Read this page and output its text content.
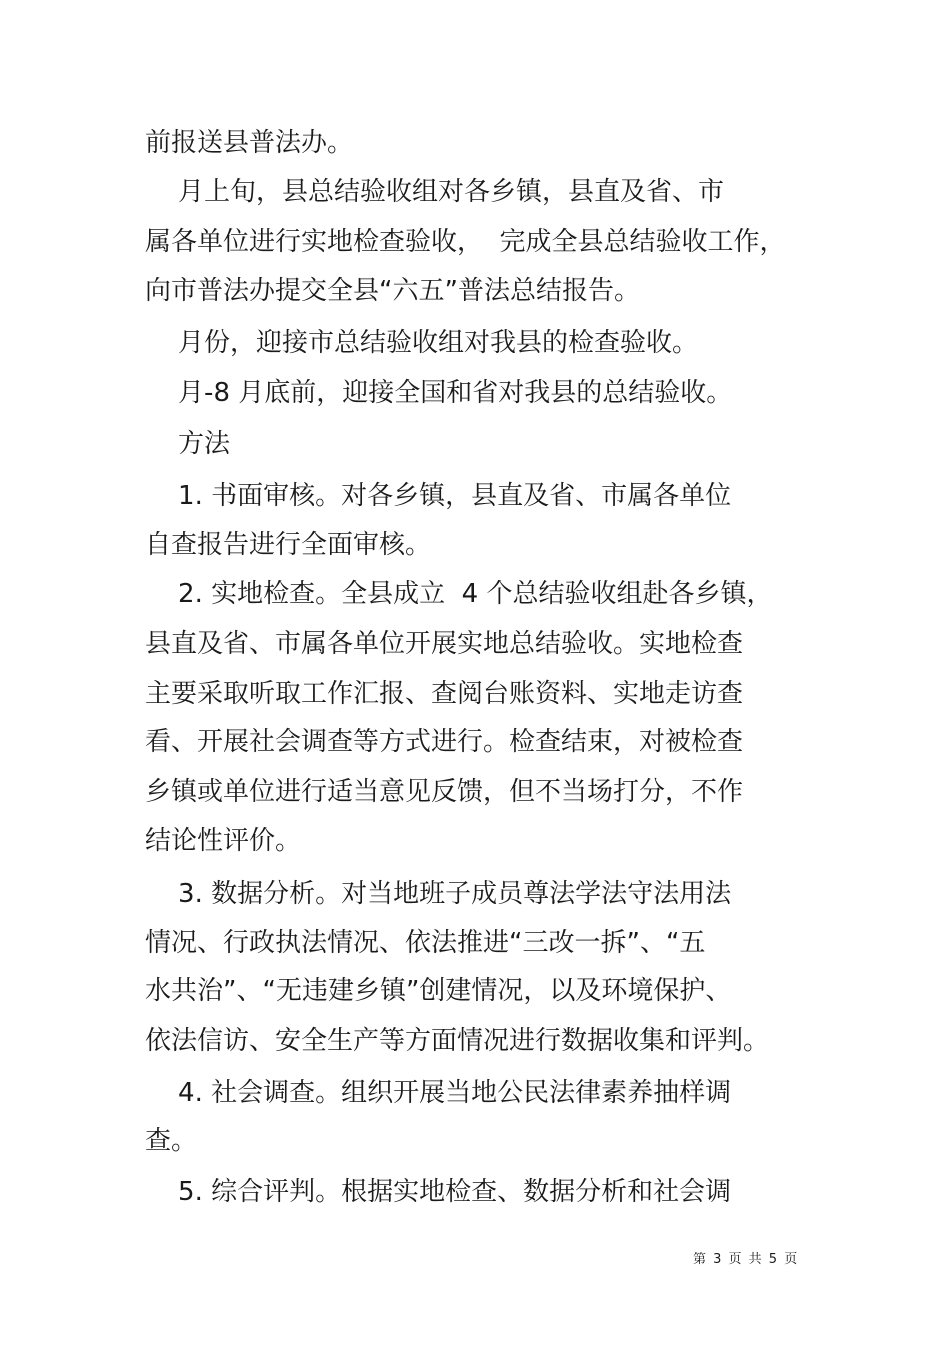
前报送县普法办。
月上旬，县总结验收组对各乡镇，县直及省、市
属各单位进行实地检查验收，  完成全县总结验收工作，
向市普法办提交全县“六五”普法总结报告。
月份，迎接市总结验收组对我县的检查验收。
月-8 月底前，迎接全国和省对我县的总结验收。
方法
1. 书面审核。对各乡镇，县直及省、市属各单位
自查报告进行全面审核。
2. 实地检查。全县成立  4 个总结验收组赴各乡镇，
县直及省、市属各单位开展实地总结验收。实地检查
主要采取听取工作汇报、查阅台账资料、实地走访查
看、开展社会调查等方式进行。检查结束，对被检查
乡镇或单位进行适当意见反馈，但不当场打分，不作
结论性评价。
3. 数据分析。对当地班子成员尊法学法守法用法
情况、行政执法情况、依法推进“三改一拆”、“五
水共治”、“无违建乡镇”创建情况，以及环境保护、
依法信访、安全生产等方面情况进行数据收集和评判。
4. 社会调查。组织开展当地公民法律素养抽样调
查。
5. 综合评判。根据实地检查、数据分析和社会调
第 3 页 共 5 页
